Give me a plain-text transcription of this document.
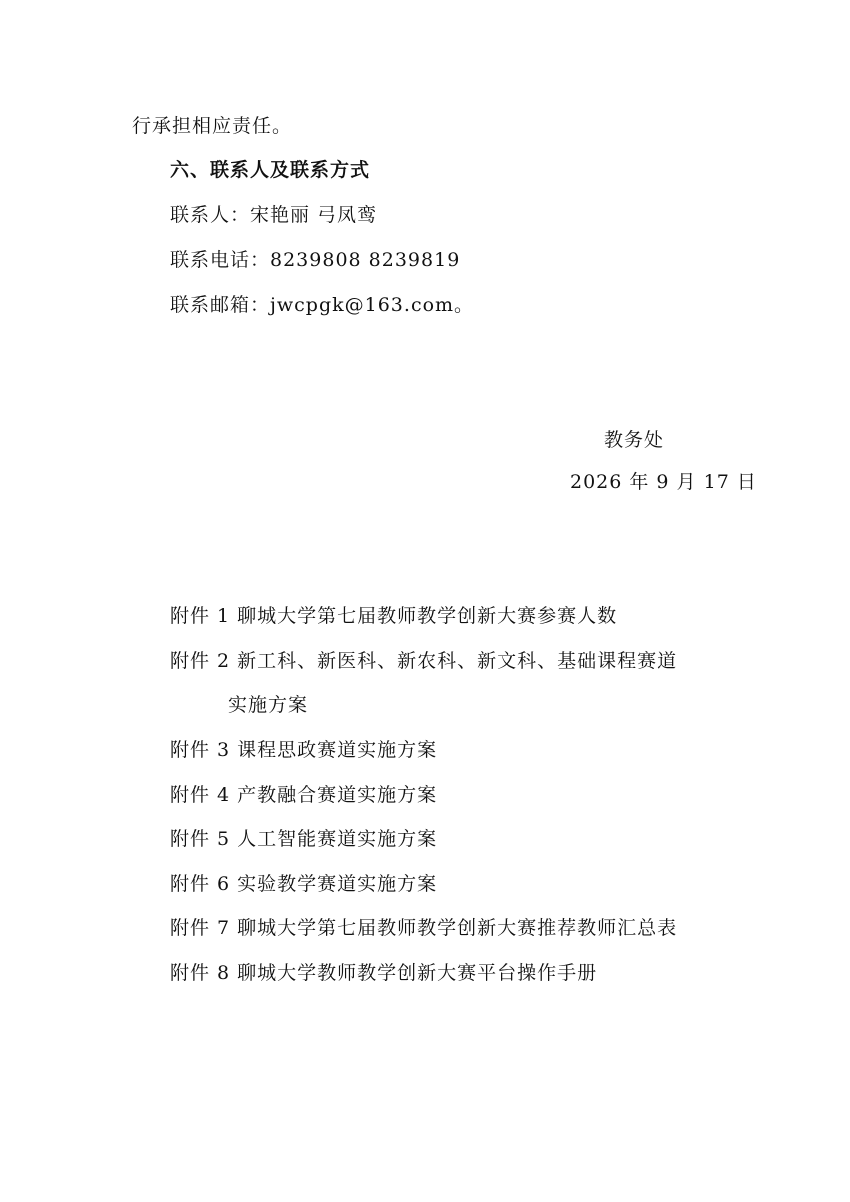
行承担相应责任。
六、联系人及联系方式
联系人：宋艳丽 弓凤鸾
联系电话：8239808 8239819
联系邮箱：jwcpgk@163.com。
教务处
2026 年 9 月 17 日
附件 1 聊城大学第七届教师教学创新大赛参赛人数
附件 2 新工科、新医科、新农科、新文科、基础课程赛道
实施方案
附件 3 课程思政赛道实施方案
附件 4 产教融合赛道实施方案
附件 5 人工智能赛道实施方案
附件 6 实验教学赛道实施方案
附件 7 聊城大学第七届教师教学创新大赛推荐教师汇总表
附件 8 聊城大学教师教学创新大赛平台操作手册
